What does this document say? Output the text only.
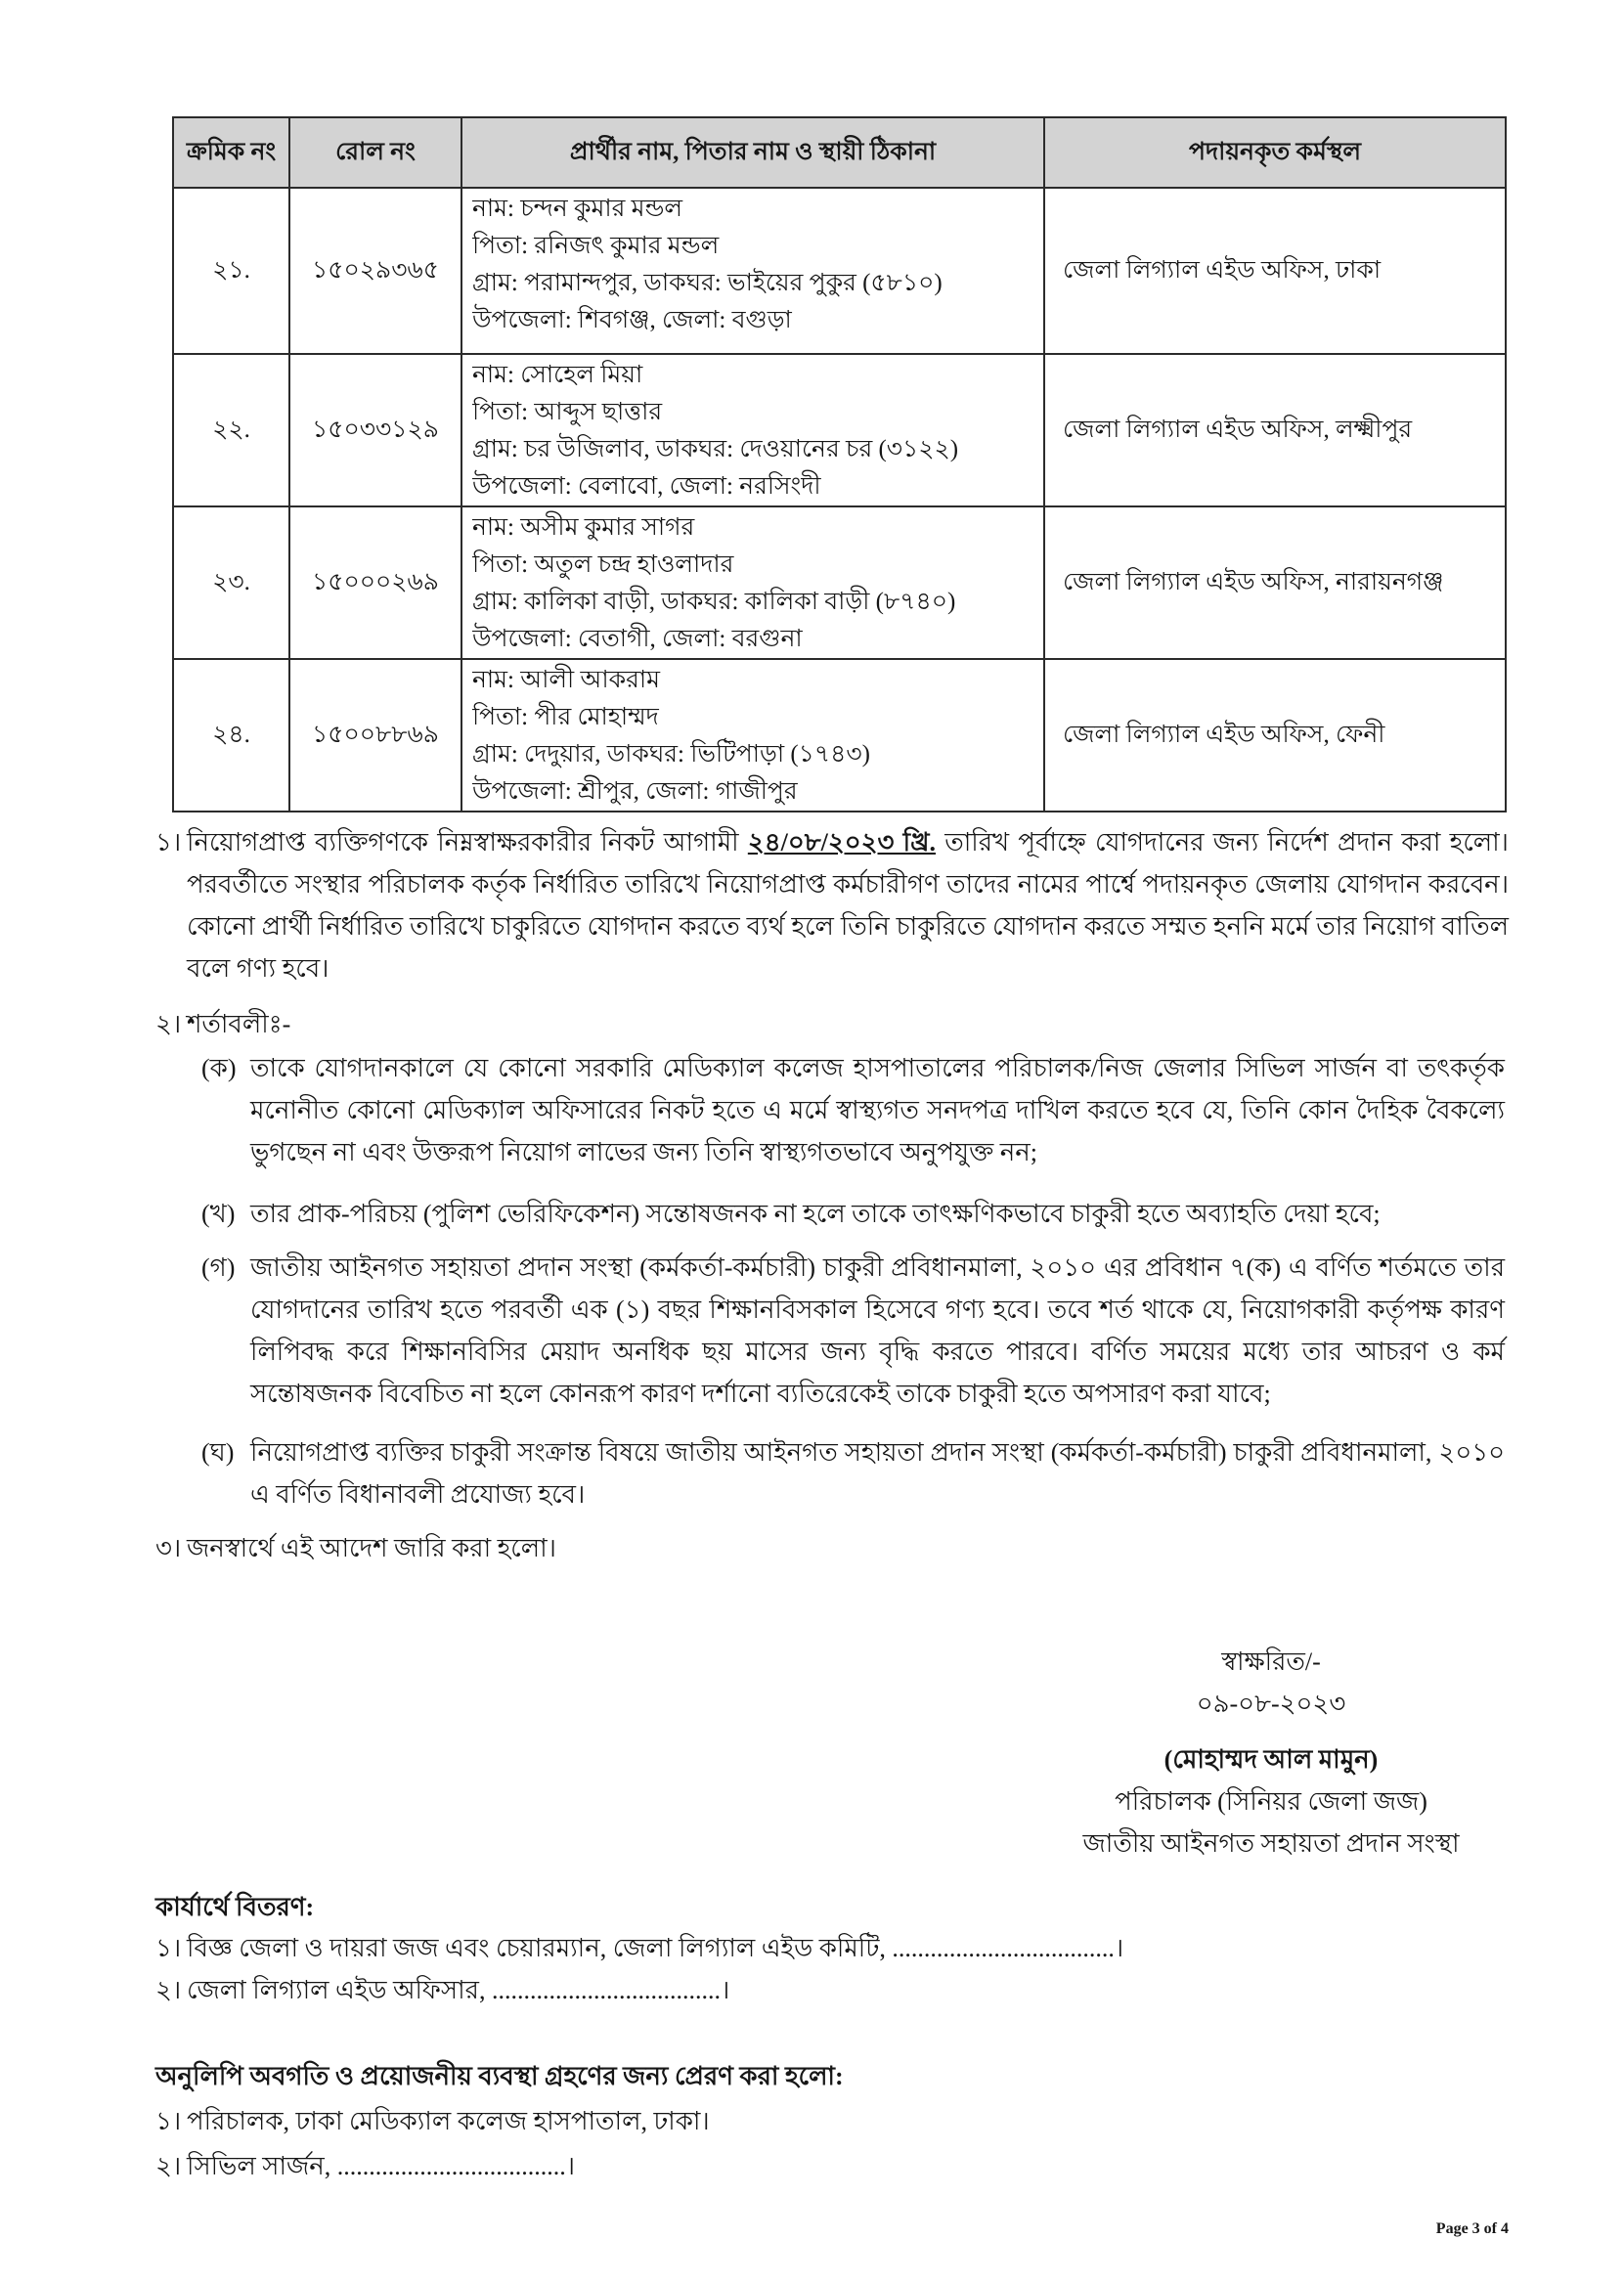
ক্রমিক নং	রোল নং	প্রার্থীর নাম, পিতার নাম ও স্থায়ী ঠিকানা	পদায়নকৃত কর্মস্থল
২১.	১৫০২৯৩৬৫	নাম: চন্দন কুমার মন্ডল
পিতা: রনিজৎ কুমার মন্ডল
গ্রাম: পরামান্দপুর, ডাকঘর: ভাইয়ের পুকুর (৫৮১০)
উপজেলা: শিবগঞ্জ, জেলা: বগুড়া	জেলা লিগ্যাল এইড অফিস, ঢাকা
২২.	১৫০৩৩১২৯	নাম: সোহেল মিয়া
পিতা: আব্দুস ছাত্তার
গ্রাম: চর উজিলাব, ডাকঘর: দেওয়ানের চর (৩১২২)
উপজেলা: বেলাবো, জেলা: নরসিংদী	জেলা লিগ্যাল এইড অফিস, লক্ষ্মীপুর
২৩.	১৫০০০২৬৯	নাম: অসীম কুমার সাগর
পিতা: অতুল চন্দ্র হাওলাদার
গ্রাম: কালিকা বাড়ী, ডাকঘর: কালিকা বাড়ী (৮৭৪০)
উপজেলা: বেতাগী, জেলা: বরগুনা	জেলা লিগ্যাল এইড অফিস, নারায়নগঞ্জ
২৪.	১৫০০৮৮৬৯	নাম: আলী আকরাম
পিতা: পীর মোহাম্মদ
গ্রাম: দেদুয়ার, ডাকঘর: ভিটিপাড়া (১৭৪৩)
উপজেলা: শ্রীপুর, জেলা: গাজীপুর	জেলা লিগ্যাল এইড অফিস, ফেনী
১। নিয়োগপ্রাপ্ত ব্যক্তিগণকে নিম্নস্বাক্ষরকারীর নিকট আগামী ২৪/০৮/২০২৩ খ্রি. তারিখ পূর্বাহ্নে যোগদানের জন্য নির্দেশ প্রদান করা হলো। পরবর্তীতে সংস্থার পরিচালক কর্তৃক নির্ধারিত তারিখে নিয়োগপ্রাপ্ত কর্মচারীগণ তাদের নামের পার্শ্বে পদায়নকৃত জেলায় যোগদান করবেন। কোনো প্রার্থী নির্ধারিত তারিখে চাকুরিতে যোগদান করতে ব্যর্থ হলে তিনি চাকুরিতে যোগদান করতে সম্মত হননি মর্মে তার নিয়োগ বাতিল বলে গণ্য হবে।
২। শর্তাবলীঃ-
(ক) তাকে যোগদানকালে যে কোনো সরকারি মেডিক্যাল কলেজ হাসপাতালের পরিচালক/নিজ জেলার সিভিল সার্জন বা তৎকর্তৃক মনোনীত কোনো মেডিক্যাল অফিসারের নিকট হতে এ মর্মে স্বাস্থ্যগত সনদপত্র দাখিল করতে হবে যে, তিনি কোন দৈহিক বৈকল্যে ভুগছেন না এবং উক্তরূপ নিয়োগ লাভের জন্য তিনি স্বাস্থ্যগতভাবে অনুপযুক্ত নন;
(খ) তার প্রাক-পরিচয় (পুলিশ ভেরিফিকেশন) সন্তোষজনক না হলে তাকে তাৎক্ষণিকভাবে চাকুরী হতে অব্যাহতি দেয়া হবে;
(গ) জাতীয় আইনগত সহায়তা প্রদান সংস্থা (কর্মকর্তা-কর্মচারী) চাকুরী প্রবিধানমালা, ২০১০ এর প্রবিধান ৭(ক) এ বর্ণিত শর্তমতে তার যোগদানের তারিখ হতে পরবর্তী এক (১) বছর শিক্ষানবিসকাল হিসেবে গণ্য হবে। তবে শর্ত থাকে যে, নিয়োগকারী কর্তৃপক্ষ কারণ লিপিবদ্ধ করে শিক্ষানবিসির মেয়াদ অনধিক ছয় মাসের জন্য বৃদ্ধি করতে পারবে। বর্ণিত সময়ের মধ্যে তার আচরণ ও কর্ম সন্তোষজনক বিবেচিত না হলে কোনরূপ কারণ দর্শানো ব্যতিরেকেই তাকে চাকুরী হতে অপসারণ করা যাবে;
(ঘ) নিয়োগপ্রাপ্ত ব্যক্তির চাকুরী সংক্রান্ত বিষয়ে জাতীয় আইনগত সহায়তা প্রদান সংস্থা (কর্মকর্তা-কর্মচারী) চাকুরী প্রবিধানমালা, ২০১০ এ বর্ণিত বিধানাবলী প্রযোজ্য হবে।
৩। জনস্বার্থে এই আদেশ জারি করা হলো।
স্বাক্ষরিত/-
০৯-০৮-২০২৩
(মোহাম্মদ আল মামুন)
পরিচালক (সিনিয়র জেলা জজ)
জাতীয় আইনগত সহায়তা প্রদান সংস্থা
কার্যার্থে বিতরণ:
১। বিজ্ঞ জেলা ও দায়রা জজ এবং চেয়ারম্যান, জেলা লিগ্যাল এইড কমিটি, ...................................।
২। জেলা লিগ্যাল এইড অফিসার, ....................................।
অনুলিপি অবগতি ও প্রয়োজনীয় ব্যবস্থা গ্রহণের জন্য প্রেরণ করা হলো:
১। পরিচালক, ঢাকা মেডিক্যাল কলেজ হাসপাতাল, ঢাকা।
২। সিভিল সার্জন, ....................................।
Page 3 of 4
